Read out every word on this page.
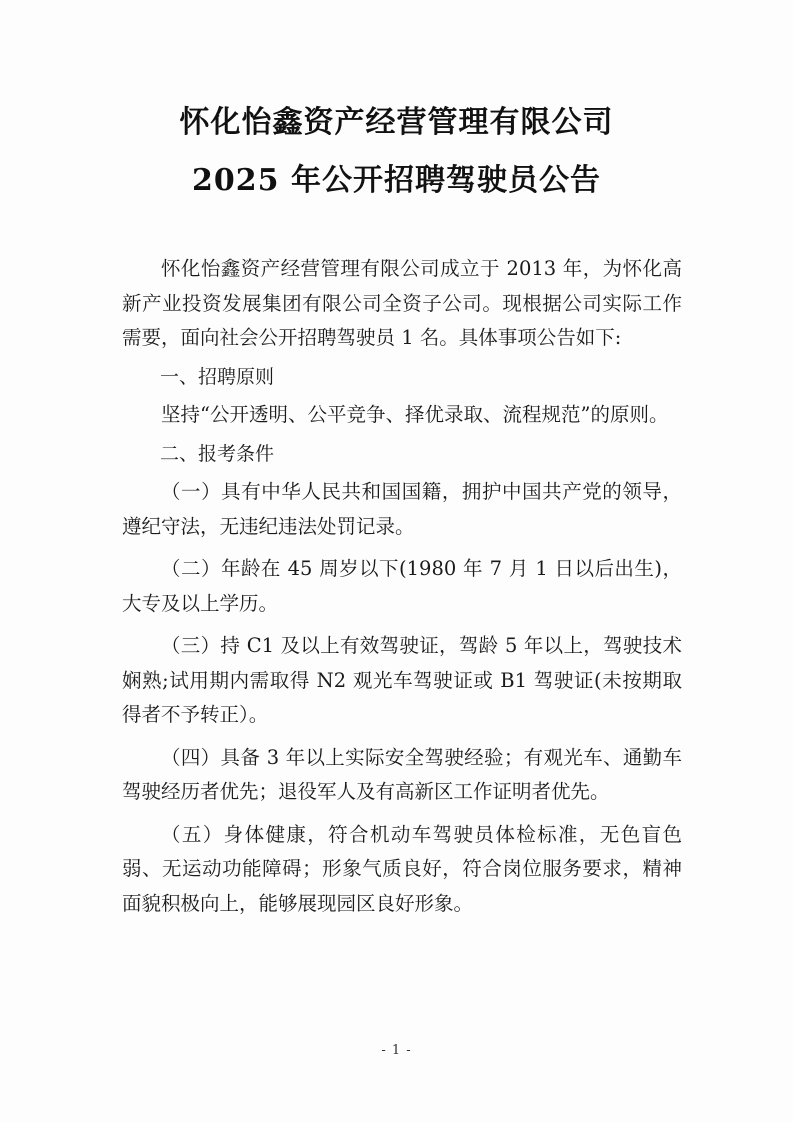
怀化怡鑫资产经营管理有限公司
2025 年公开招聘驾驶员公告

怀化怡鑫资产经营管理有限公司成立于 2013 年，为怀化高新产业投资发展集团有限公司全资子公司。现根据公司实际工作需要，面向社会公开招聘驾驶员 1 名。具体事项公告如下:

一、招聘原则

坚持“公开透明、公平竞争、择优录取、流程规范”的原则。

二、报考条件

（一）具有中华人民共和国国籍，拥护中国共产党的领导，遵纪守法，无违纪违法处罚记录。

（二）年龄在 45 周岁以下(1980 年 7 月 1 日以后出生)，大专及以上学历。

（三）持 C1 及以上有效驾驶证，驾龄 5 年以上，驾驶技术娴熟;试用期内需取得 N2 观光车驾驶证或 B1 驾驶证(未按期取得者不予转正）。

（四）具备 3 年以上实际安全驾驶经验；有观光车、通勤车驾驶经历者优先；退役军人及有高新区工作证明者优先。

（五）身体健康，符合机动车驾驶员体检标准，无色盲色弱、无运动功能障碍；形象气质良好，符合岗位服务要求，精神面貌积极向上，能够展现园区良好形象。

- 1 -
